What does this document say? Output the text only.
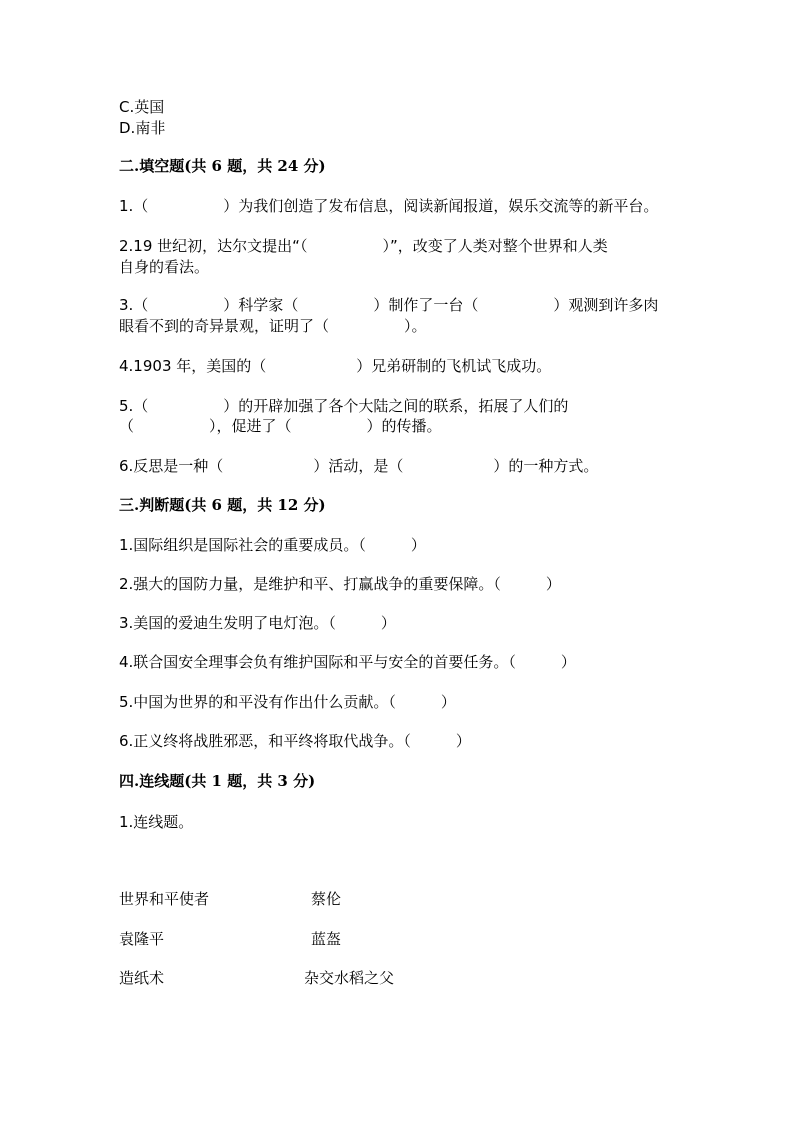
C.英国

D.南非

二.填空题(共 6 题，共 24 分)

1.（　　　　　）为我们创造了发布信息，阅读新闻报道，娱乐交流等的新平台。

2.19 世纪初，达尔文提出“（　　　　　）”，改变了人类对整个世界和人类

自身的看法。

3.（　　　　　）科学家（　　　　　）制作了一台（　　　　　）观测到许多肉

眼看不到的奇异景观，证明了（　　　　　）。

4.1903 年，美国的（　　　　　　）兄弟研制的飞机试飞成功。

5.（　　　　　）的开辟加强了各个大陆之间的联系，拓展了人们的

（　　　　　），促进了（　　　　　）的传播。

6.反思是一种（　　　　　　）活动，是（　　　　　　）的一种方式。

三.判断题(共 6 题，共 12 分)

1.国际组织是国际社会的重要成员。（　　　）

2.强大的国防力量，是维护和平、打赢战争的重要保障。（　　　）

3.美国的爱迪生发明了电灯泡。（　　　）

4.联合国安全理事会负有维护国际和平与安全的首要任务。（　　　）

5.中国为世界的和平没有作出什么贡献。（　　　）

6.正义终将战胜邪恶，和平终将取代战争。（　　　）

四.连线题(共 1 题，共 3 分)

1.连线题。

世界和平使者
袁隆平
造纸术
蔡伦
蓝盔
杂交水稻之父
